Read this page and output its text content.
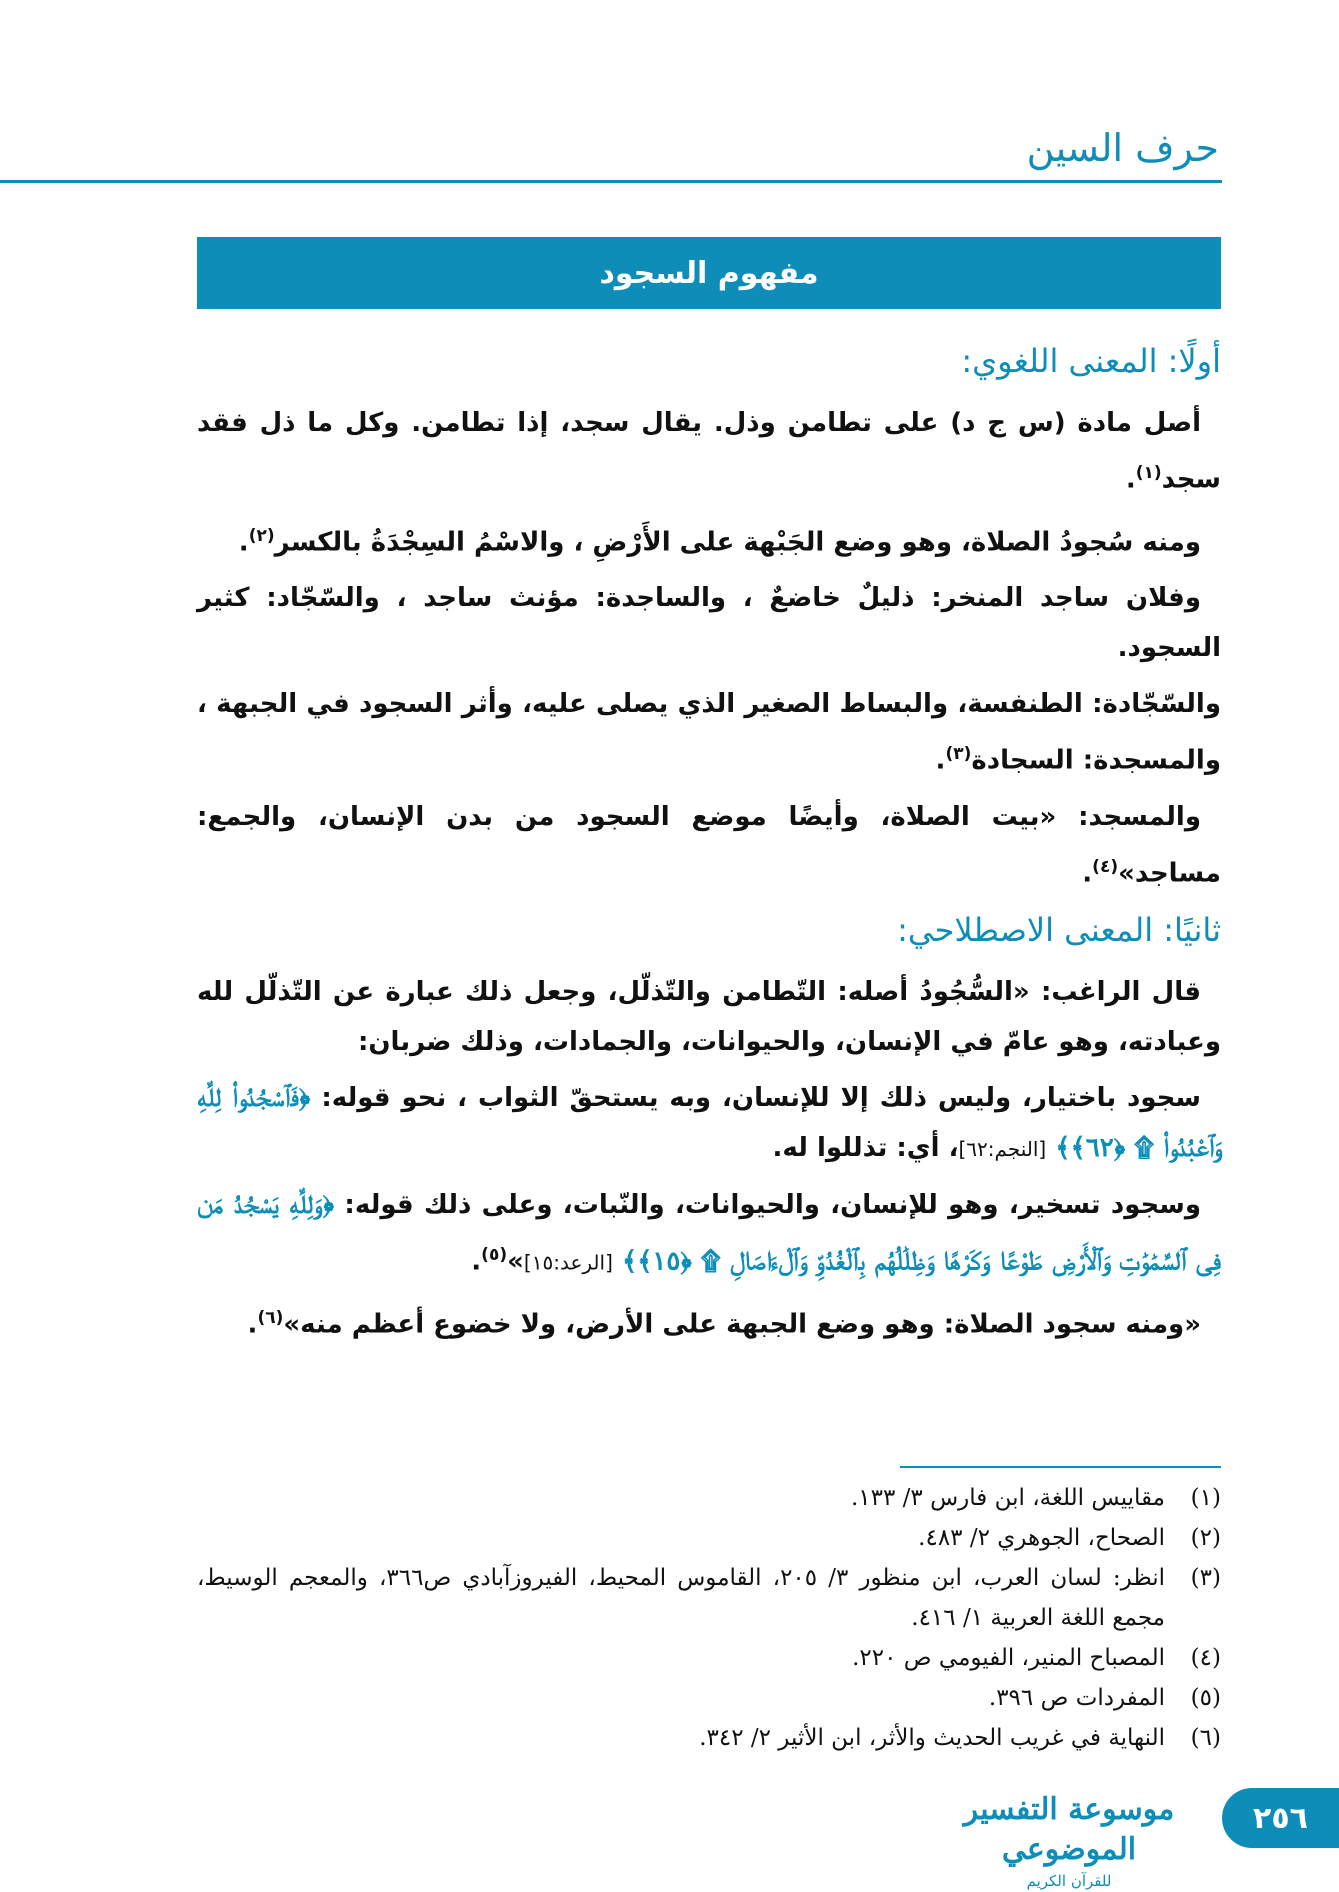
حرف السين
مفهوم السجود
أولًا: المعنى اللغوي:

أصل مادة (س ج د) على تطامن وذل. يقال سجد، إذا تطامن. وكل ما ذل فقد سجد$^{(١)}$.

ومنه سُجودُ الصلاة، وهو وضع الجَبْهة على الأَرْضِ ، والاسْمُ السِجْدَةُ بالكسر$^{(٢)}$.

وفلان ساجد المنخر: ذليلٌ خاضعٌ ، والساجدة: مؤنث ساجد ، والسّجّاد: كثير السجود.

والسّجّادة: الطنفسة، والبساط الصغير الذي يصلى عليه، وأثر السجود في الجبهة ، والمسجدة: السجادة$^{(٣)}$.

والمسجد: «بيت الصلاة، وأيضًا موضع السجود من بدن الإنسان، والجمع: مساجد»$^{(٤)}$.

ثانيًا: المعنى الاصطلاحي:

قال الراغب: «السُّجُودُ أصله: التّطامن والتّذلّل، وجعل ذلك عبارة عن التّذلّل لله وعبادته، وهو عامّ في الإنسان، والحيوانات، والجمادات، وذلك ضربان:

سجود باختيار، وليس ذلك إلا للإنسان، وبه يستحقّ الثواب ، نحو قوله: ﴿فَٱسْجُدُوا۟ لِلَّهِ وَٱعْبُدُوا۟ ۩ ﴿٦٢﴾﴾ [النجم:٦٢]، أي: تذللوا له.

وسجود تسخير، وهو للإنسان، والحيوانات، والنّبات، وعلى ذلك قوله: ﴿وَلِلَّهِ يَسْجُدُ مَن فِى ٱلسَّمَٰوَٰتِ وَٱلْأَرْضِ طَوْعًا وَكَرْهًا وَظِلَٰلُهُم بِٱلْغُدُوِّ وَٱلْءَاصَالِ ۩ ﴿١٥﴾﴾ [الرعد:١٥]»$^{(٥)}$.

«ومنه سجود الصلاة: وهو وضع الجبهة على الأرض، ولا خضوع أعظم منه»$^{(٦)}$.

(١)
مقاييس اللغة، ابن فارس ٣/ ١٣٣.
(٢)
الصحاح، الجوهري ٢/ ٤٨٣.
(٣)
انظر: لسان العرب، ابن منظور ٣/ ٢٠٥، القاموس المحيط، الفيروزآبادي ص٣٦٦، والمعجم الوسيط، مجمع اللغة العربية ١/ ٤١٦.
(٤)
المصباح المنير، الفيومي ص ٢٢٠.
(٥)
المفردات ص ٣٩٦.
(٦)
النهاية في غريب الحديث والأثر، ابن الأثير ٢/ ٣٤٢.
موسوعة التفسير الموضوعي
للقرآن الكريم
٢٥٦
